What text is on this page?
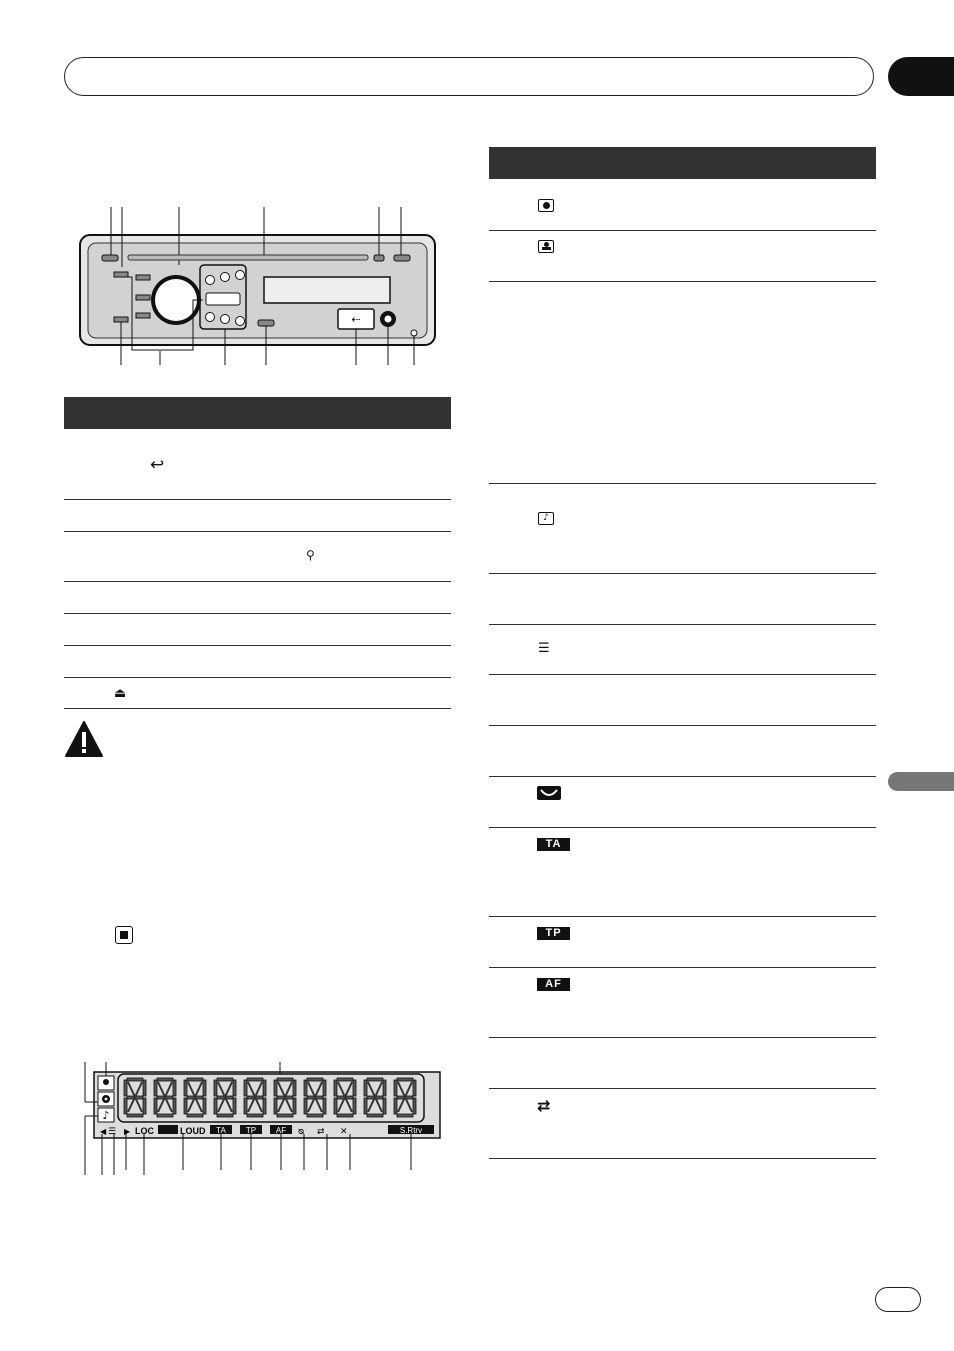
⇠
↩
⚲
⏏
♪
◀ ☰ ▶ LOC	LOUD TA	TP AF ᴓ ⇄ ✕	S.Rtrv
♪
☰
TA
TP
AF
⇄
